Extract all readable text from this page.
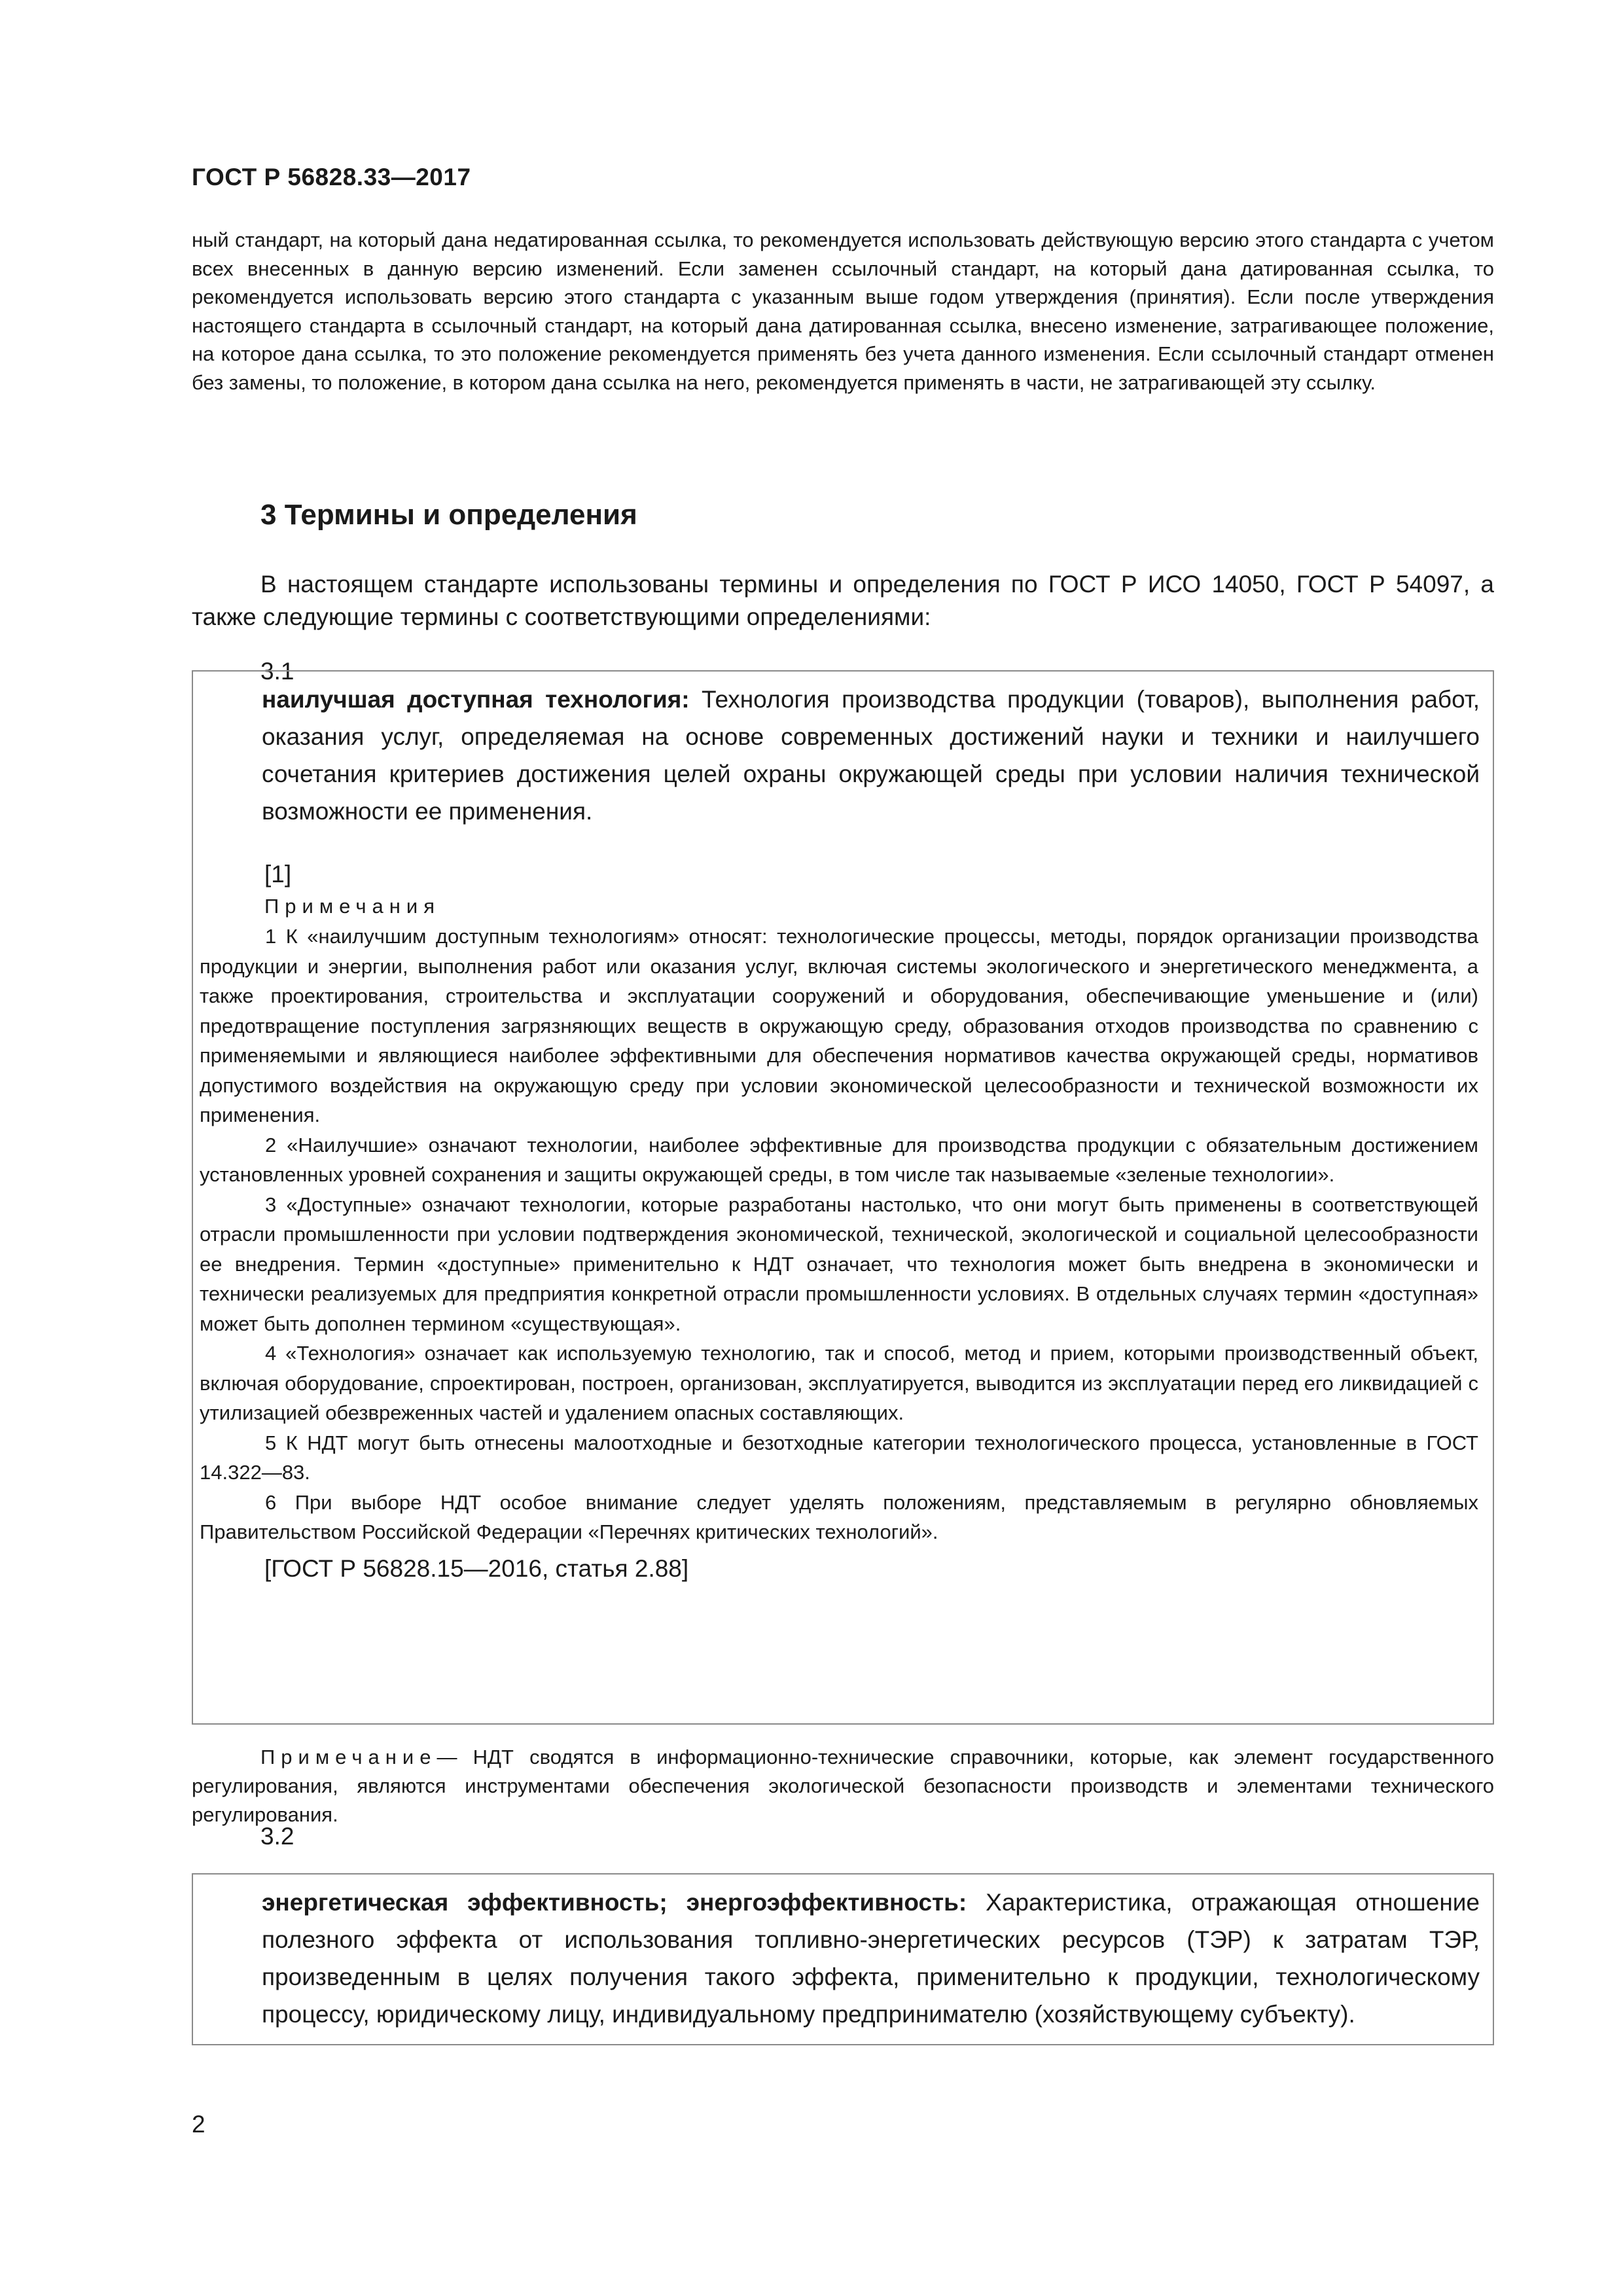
ГОСТ Р 56828.33—2017
ный стандарт, на который дана недатированная ссылка, то рекомендуется использовать действующую версию этого стандарта с учетом всех внесенных в данную версию изменений. Если заменен ссылочный стандарт, на который дана датированная ссылка, то рекомендуется использовать версию этого стандарта с указанным выше годом утверждения (принятия). Если после утверждения настоящего стандарта в ссылочный стандарт, на который дана датированная ссылка, внесено изменение, затрагивающее положение, на которое дана ссылка, то это положение рекомендуется применять без учета данного изменения. Если ссылочный стандарт отменен без замены, то положение, в котором дана ссылка на него, рекомендуется применять в части, не затрагивающей эту ссылку.
3 Термины и определения
В настоящем стандарте использованы термины и определения по ГОСТ Р ИСО 14050, ГОСТ Р 54097, а также следующие термины с соответствующими определениями:
3.1
наилучшая доступная технология: Технология производства продукции (товаров), выполнения работ, оказания услуг, определяемая на основе современных достижений науки и техники и наилучшего сочетания критериев достижения целей охраны окружающей среды при условии наличия технической возможности ее применения.
[1]
Примечания
1 К «наилучшим доступным технологиям» относят: технологические процессы, методы, порядок организации производства продукции и энергии, выполнения работ или оказания услуг, включая системы экологического и энергетического менеджмента, а также проектирования, строительства и эксплуатации сооружений и оборудования, обеспечивающие уменьшение и (или) предотвращение поступления загрязняющих веществ в окружающую среду, образования отходов производства по сравнению с применяемыми и являющиеся наиболее эффективными для обеспечения нормативов качества окружающей среды, нормативов допустимого воздействия на окружающую среду при условии экономической целесообразности и технической возможности их применения.
2 «Наилучшие» означают технологии, наиболее эффективные для производства продукции с обязательным достижением установленных уровней сохранения и защиты окружающей среды, в том числе так называемые «зеленые технологии».
3 «Доступные» означают технологии, которые разработаны настолько, что они могут быть применены в соответствующей отрасли промышленности при условии подтверждения экономической, технической, экологической и социальной целесообразности ее внедрения. Термин «доступные» применительно к НДТ означает, что технология может быть внедрена в экономически и технически реализуемых для предприятия конкретной отрасли промышленности условиях. В отдельных случаях термин «доступная» может быть дополнен термином «существующая».
4 «Технология» означает как используемую технологию, так и способ, метод и прием, которыми производственный объект, включая оборудование, спроектирован, построен, организован, эксплуатируется, выводится из эксплуатации перед его ликвидацией с утилизацией обезвреженных частей и удалением опасных составляющих.
5 К НДТ могут быть отнесены малоотходные и безотходные категории технологического процесса, установленные в ГОСТ 14.322—83.
6 При выборе НДТ особое внимание следует уделять положениям, представляемым в регулярно обновляемых Правительством Российской Федерации «Перечнях критических технологий».
[ГОСТ Р 56828.15—2016, статья 2.88]
Примечание— НДТ сводятся в информационно-технические справочники, которые, как элемент государственного регулирования, являются инструментами обеспечения экологической безопасности производств и элементами технического регулирования.
3.2
энергетическая эффективность; энергоэффективность: Характеристика, отражающая отношение полезного эффекта от использования топливно-энергетических ресурсов (ТЭР) к затратам ТЭР, произведенным в целях получения такого эффекта, применительно к продукции, технологическому процессу, юридическому лицу, индивидуальному предпринимателю (хозяйствующему субъекту).
2
